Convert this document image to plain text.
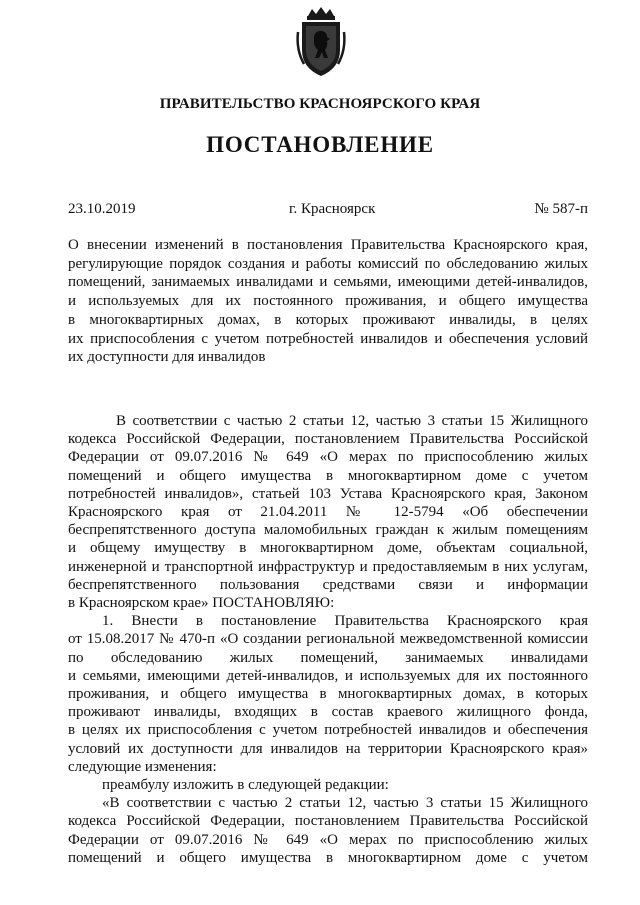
ПРАВИТЕЛЬСТВО КРАСНОЯРСКОГО КРАЯ
ПОСТАНОВЛЕНИЕ
23.10.2019	г. Красноярск	№ 587-п
О внесении изменений в постановления Правительства Красноярского края,
регулирующие порядок создания и работы комиссий по обследованию жилых
помещений, занимаемых инвалидами и семьями, имеющими детей-инвалидов,
и используемых для их постоянного проживания, и общего имущества
в многоквартирных домах, в которых проживают инвалиды, в целях
их приспособления с учетом потребностей инвалидов и обеспечения условий
их доступности для инвалидов
В соответствии с частью 2 статьи 12, частью 3 статьи 15 Жилищного
кодекса Российской Федерации, постановлением Правительства Российской
Федерации от 09.07.2016 № 649 «О мерах по приспособлению жилых
помещений и общего имущества в многоквартирном доме с учетом
потребностей инвалидов», статьей 103 Устава Красноярского края, Законом
Красноярского края от 21.04.2011 № 12-5794 «Об обеспечении
беспрепятственного доступа маломобильных граждан к жилым помещениям
и общему имуществу в многоквартирном доме, объектам социальной,
инженерной и транспортной инфраструктур и предоставляемым в них услугам,
беспрепятственного пользования средствами связи и информации
в Красноярском крае» ПОСТАНОВЛЯЮ:
1. Внести в постановление Правительства Красноярского края
от 15.08.2017 № 470-п «О создании региональной межведомственной комиссии
по обследованию жилых помещений, занимаемых инвалидами
и семьями, имеющими детей-инвалидов, и используемых для их постоянного
проживания, и общего имущества в многоквартирных домах, в которых
проживают инвалиды, входящих в состав краевого жилищного фонда,
в целях их приспособления с учетом потребностей инвалидов и обеспечения
условий их доступности для инвалидов на территории Красноярского края»
следующие изменения:
преамбулу изложить в следующей редакции:
«В соответствии с частью 2 статьи 12, частью 3 статьи 15 Жилищного
кодекса Российской Федерации, постановлением Правительства Российской
Федерации от 09.07.2016 № 649 «О мерах по приспособлению жилых
помещений и общего имущества в многоквартирном доме с учетом
